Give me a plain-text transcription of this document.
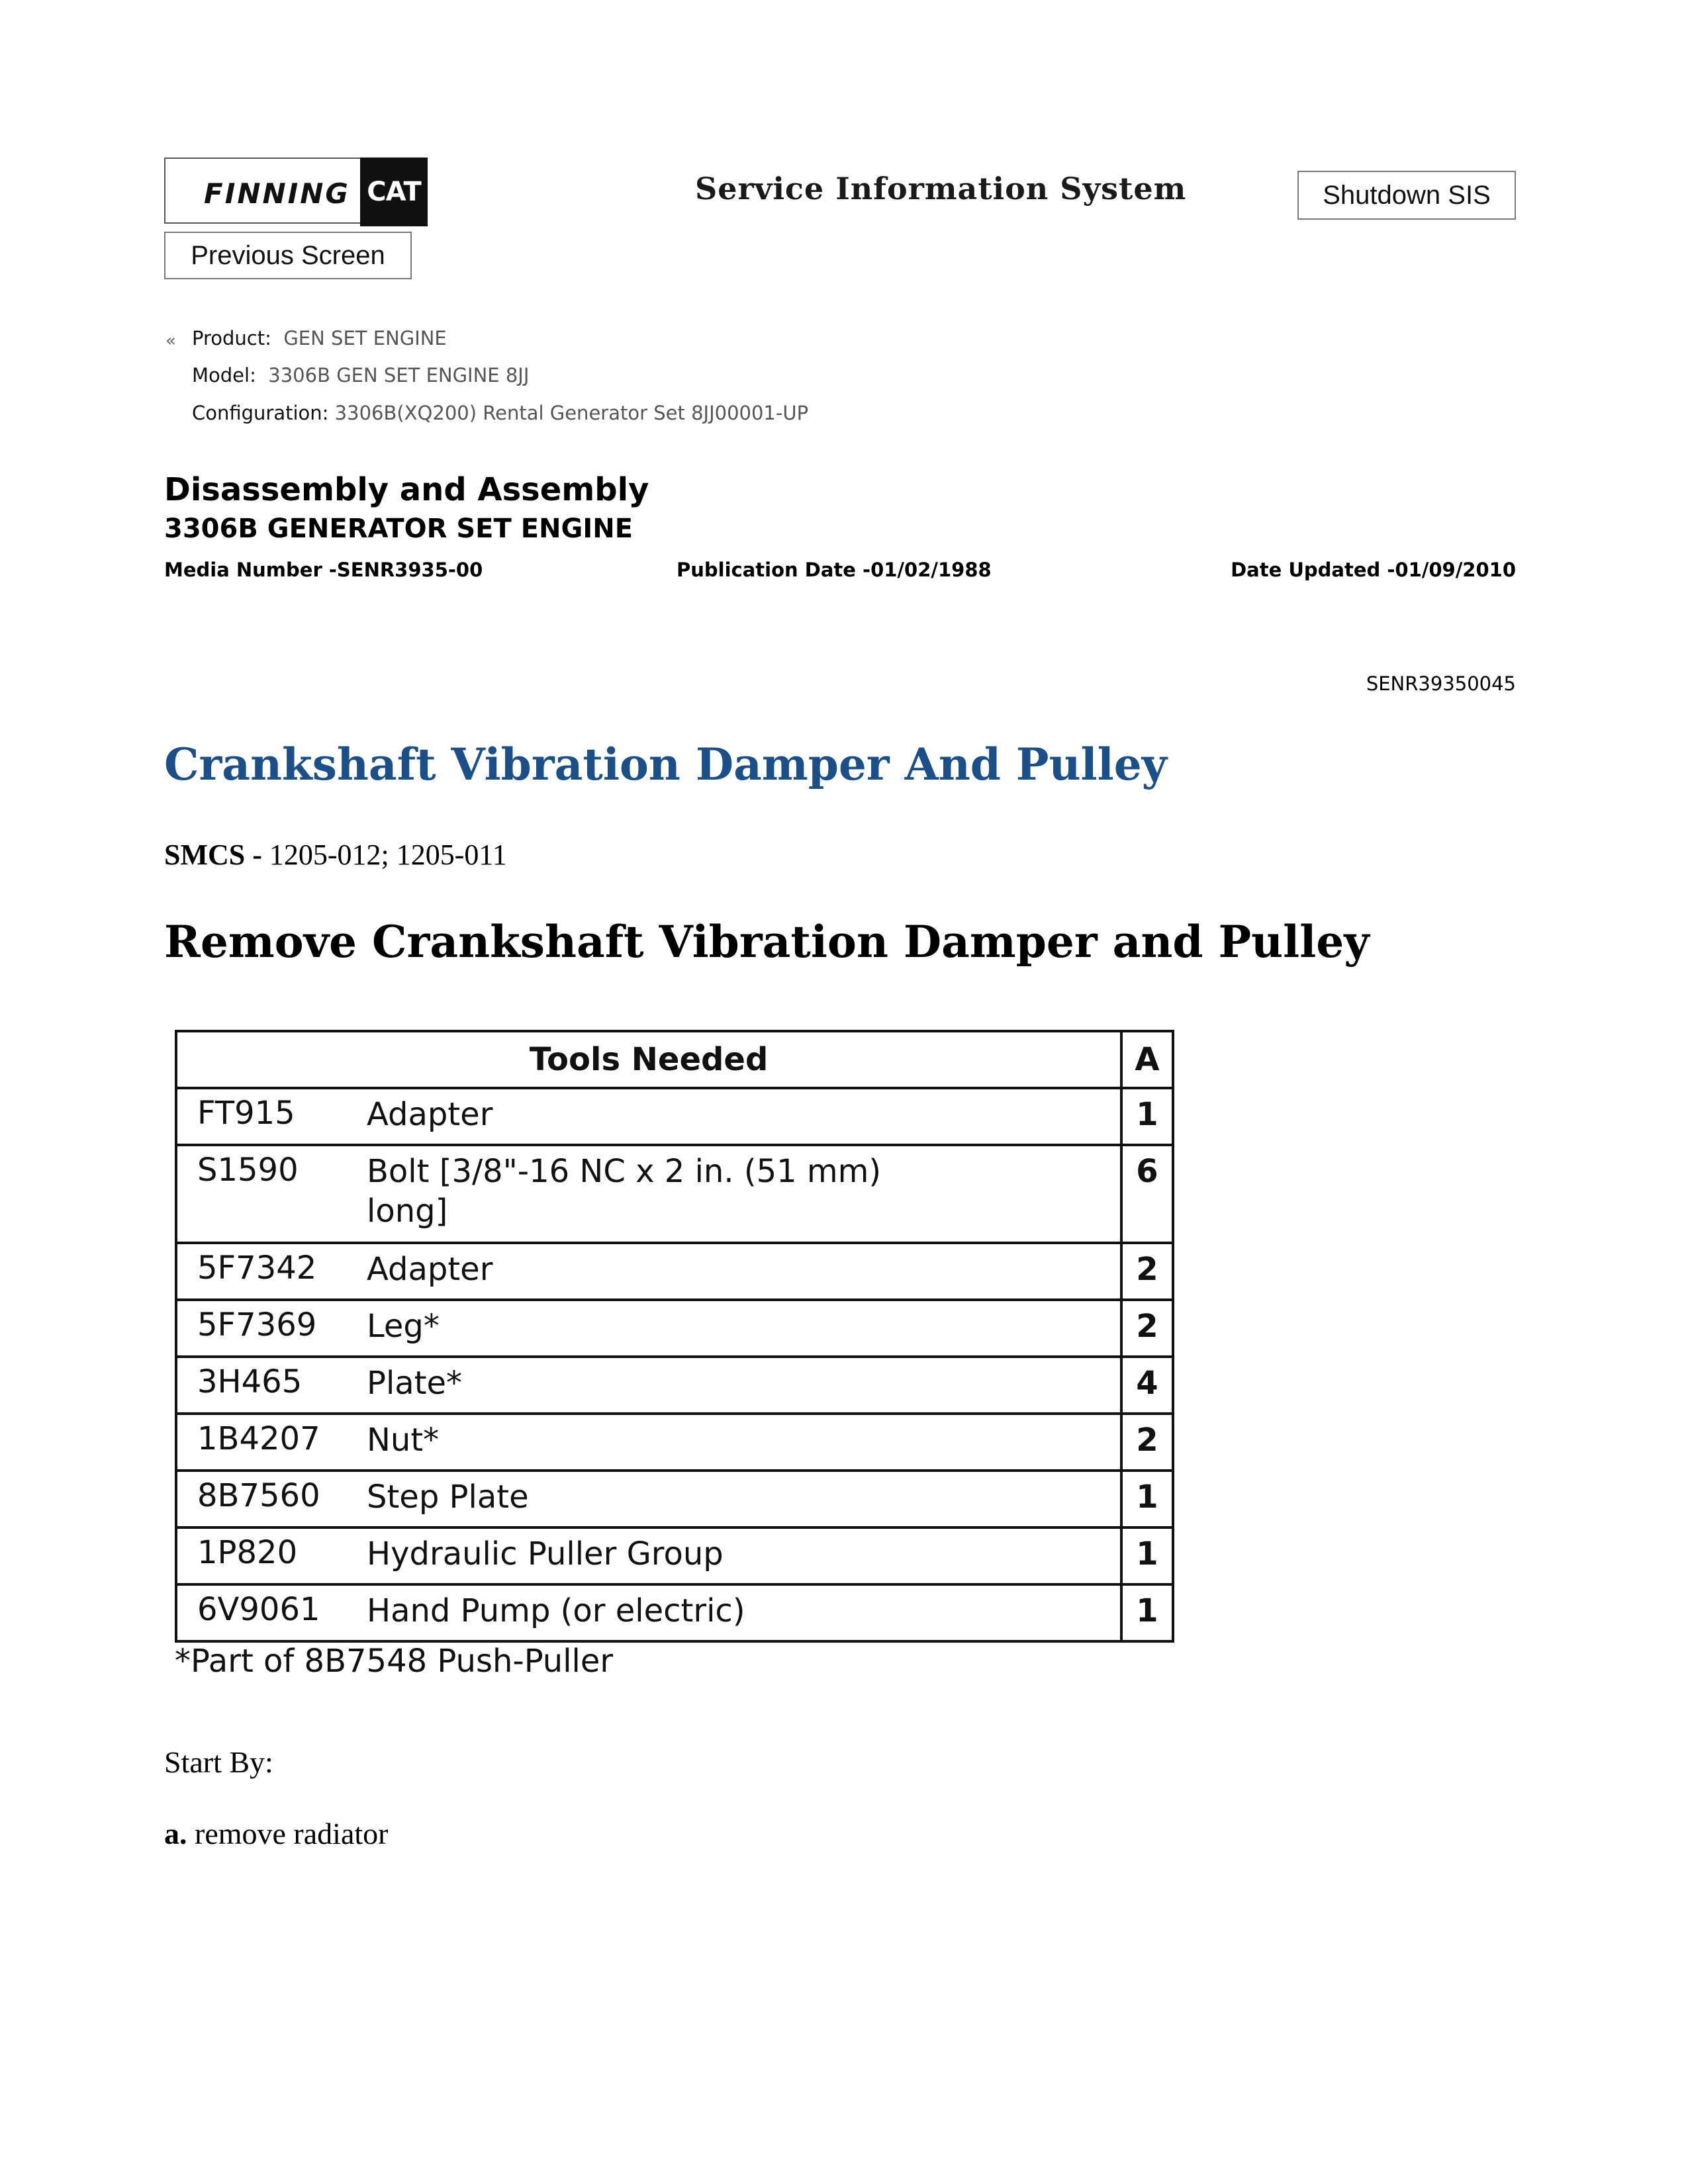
FINNING CAT	Service Information System	Shutdown SIS
Previous Screen
« Product: GEN SET ENGINE
Model: 3306B GEN SET ENGINE 8JJ
Configuration: 3306B(XQ200) Rental Generator Set 8JJ00001-UP
Disassembly and Assembly
3306B GENERATOR SET ENGINE
Media Number -SENR3935-00	Publication Date -01/02/1988	Date Updated -01/09/2010
SENR39350045
Crankshaft Vibration Damper And Pulley
SMCS - 1205-012; 1205-011
Remove Crankshaft Vibration Damper and Pulley
Tools Needed	A

FT915 Adapter	1

S1590 Bolt [3/8"-16 NC x 2 in. (51 mm) long]	6

5F7342 Adapter	2

5F7369 Leg*	2

3H465 Plate*	4

1B4207 Nut*	2

8B7560 Step Plate	1

1P820 Hydraulic Puller Group	1

6V9061 Hand Pump (or electric)	1
*Part of 8B7548 Push-Puller
Start By:
a. remove radiator
